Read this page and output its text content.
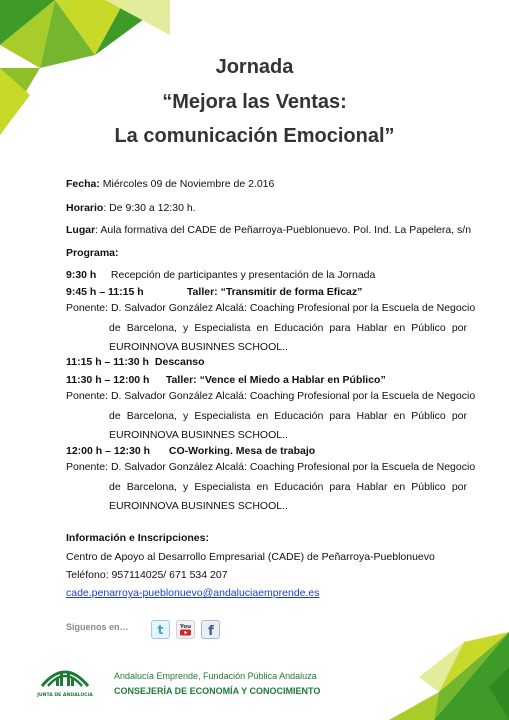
Jornada
“Mejora las Ventas:
La comunicación Emocional”
Fecha: Miércoles 09 de Noviembre de 2.016
Horario: De 9:30 a 12:30 h.
Lugar: Aula formativa del CADE de Peñarroya-Pueblonuevo. Pol. Ind. La Papelera, s/n
Programa:
9:30 h Recepción de participantes y presentación de la Jornada
9:45 h – 11:15 h	Taller: “Transmitir de forma Eficaz”
Ponente: D. Salvador González Alcalá: Coaching Profesional por la Escuela de Negocio
de Barcelona, y Especialista en Educación para Hablar en Público por
EUROINNOVA BUSINNES SCHOOL..
11:15 h – 11:30 h Descanso
11:30 h – 12:00 h Taller: “Vence el Miedo a Hablar en Público”
Ponente: D. Salvador González Alcalá: Coaching Profesional por la Escuela de Negocio
de Barcelona, y Especialista en Educación para Hablar en Público por
EUROINNOVA BUSINNES SCHOOL..
12:00 h – 12:30 h CO-Working. Mesa de trabajo
Ponente: D. Salvador González Alcalá: Coaching Profesional por la Escuela de Negocio
de Barcelona, y Especialista en Educación para Hablar en Público por
EUROINNOVA BUSINNES SCHOOL..
Información e Inscripciones:
Centro de Apoyo al Desarrollo Empresarial (CADE) de Peñarroya-Pueblonuevo
Teléfono: 957114025/ 671 534 207
cade.penarroya-pueblonuevo@andaluciaemprende.es
Síguenos en… t	You f
JUNTA DE ANDALUCIA
Andalucía Emprende, Fundación Pública Andaluza
CONSEJERÍA DE ECONOMÍA Y CONOCIMIENTO
